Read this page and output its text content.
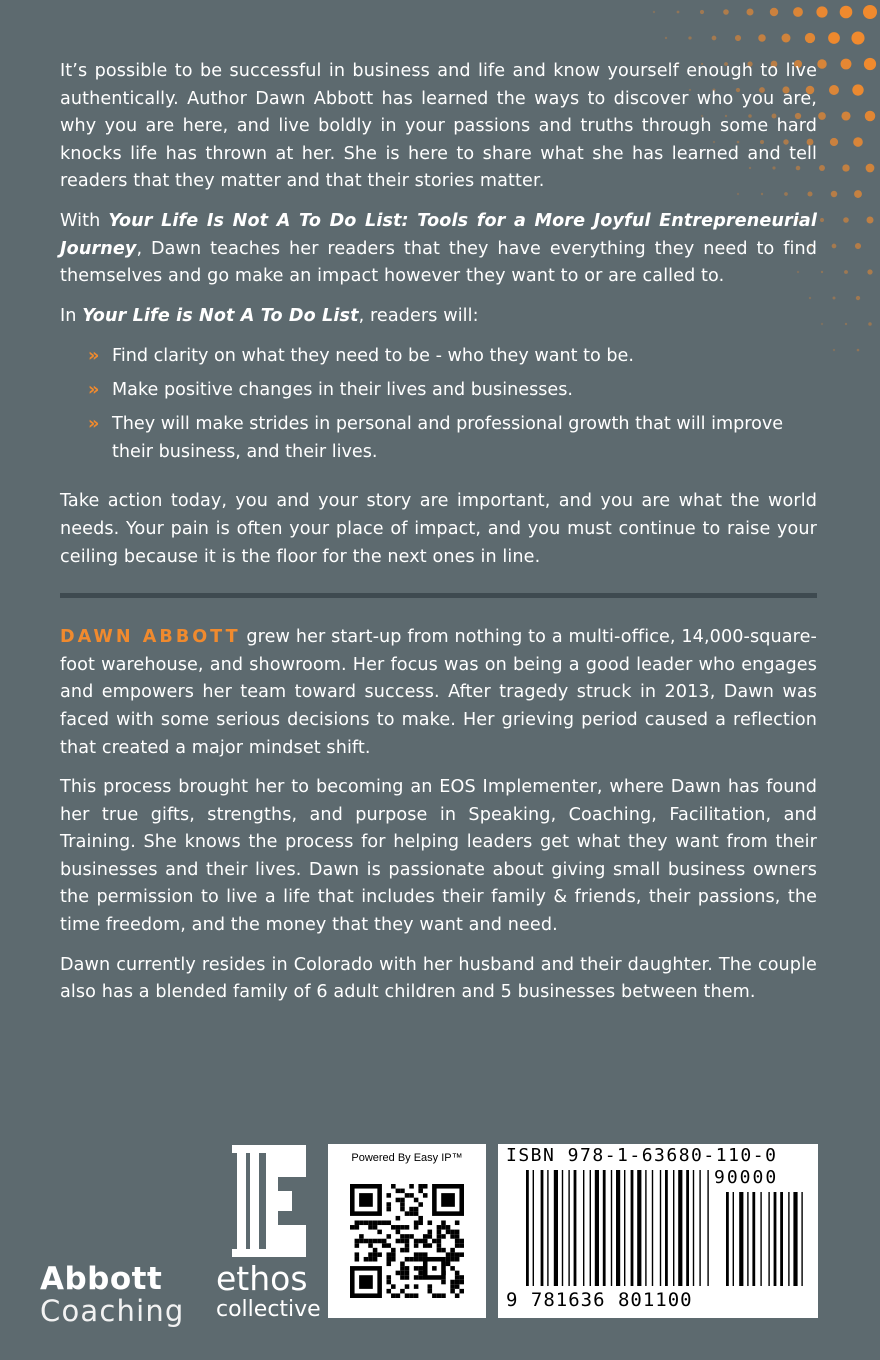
It’s possible to be successful in business and life and know yourself enough to live authentically. Author Dawn Abbott has learned the ways to discover who you are, why you are here, and live boldly in your passions and truths through some hard knocks life has thrown at her. She is here to share what she has learned and tell readers that they matter and that their stories matter.

With Your Life Is Not A To Do List: Tools for a More Joyful Entrepreneurial Journey, Dawn teaches her readers that they have everything they need to find themselves and go make an impact however they want to or are called to.

In Your Life is Not A To Do List, readers will:

» Find clarity on what they need to be - who they want to be.
» Make positive changes in their lives and businesses.
» They will make strides in personal and professional growth that will improve their business, and their lives.

Take action today, you and your story are important, and you are what the world needs. Your pain is often your place of impact, and you must continue to raise your ceiling because it is the floor for the next ones in line.

DAWN ABBOTT grew her start-up from nothing to a multi-office, 14,000-square-foot warehouse, and showroom. Her focus was on being a good leader who engages and empowers her team toward success. After tragedy struck in 2013, Dawn was faced with some serious decisions to make. Her grieving period caused a reflection that created a major mindset shift.

This process brought her to becoming an EOS Implementer, where Dawn has found her true gifts, strengths, and purpose in Speaking, Coaching, Facilitation, and Training. She knows the process for helping leaders get what they want from their businesses and their lives. Dawn is passionate about giving small business owners the permission to live a life that includes their family & friends, their passions, the time freedom, and the money that they want and need.

Dawn currently resides in Colorado with her husband and their daughter. The couple also has a blended family of 6 adult children and 5 businesses between them.

Abbott
Coaching
ethos
collective
Powered By Easy IP™	ISBN 978-1-63680-110-0
90000
9 781636 801100
